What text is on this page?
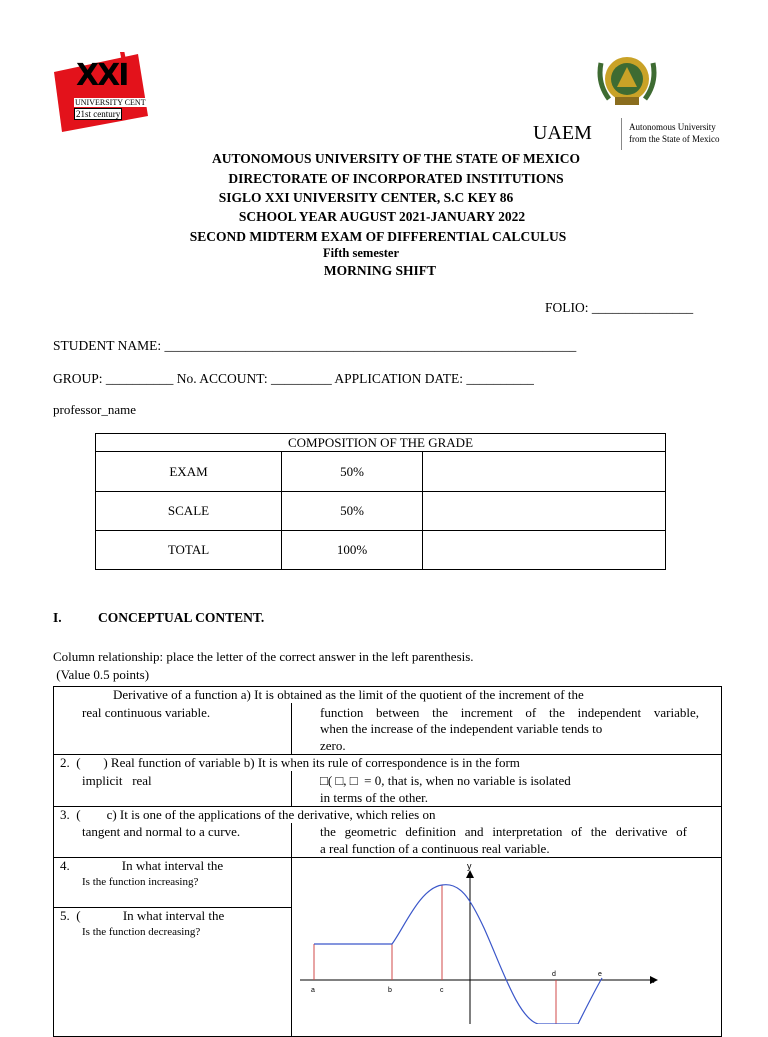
XXI
UNIVERSITY CENT
21st century
UAEM	Autonomous University
from the State of Mexico
AUTONOMOUS UNIVERSITY OF THE STATE OF MEXICO
DIRECTORATE OF INCORPORATED INSTITUTIONS
SIGLO XXI UNIVERSITY CENTER, S.C KEY 86
SCHOOL YEAR AUGUST 2021-JANUARY 2022
SECOND MIDTERM EXAM OF DIFFERENTIAL CALCULUS
Fifth semester
MORNING SHIFT
FOLIO: _______________
STUDENT NAME: _____________________________________________________________
GROUP: __________ No. ACCOUNT: _________ APPLICATION DATE: __________
professor_name
COMPOSITION OF THE GRADE		
EXAM	50%	
SCALE	50%	
TOTAL	100%	
I.	CONCEPTUAL CONTENT.
Column relationship: place the letter of the correct answer in the left parenthesis.
(Value 0.5 points)
Derivative of a function a) It is obtained as the limit of the quotient of the increment of the
real continuous variable.	function between the increment of the independent variable,
when the increase of the independent variable tends to
zero.
2.  (       ) Real function of variable b) It is when its rule of correspondence is in the form
implicit   real	□( □, □  = 0, that is, when no variable is isolated
in terms of the other.
3.  (        c) It is one of the applications of the derivative, which relies on
tangent and normal to a curve.	the geometric definition and interpretation of the derivative of
a real function of a continuous real variable.
4.                In what interval the
Is the function increasing?
5.  (             In what interval the
Is the function decreasing?
y
x
a	b	c
d	e
